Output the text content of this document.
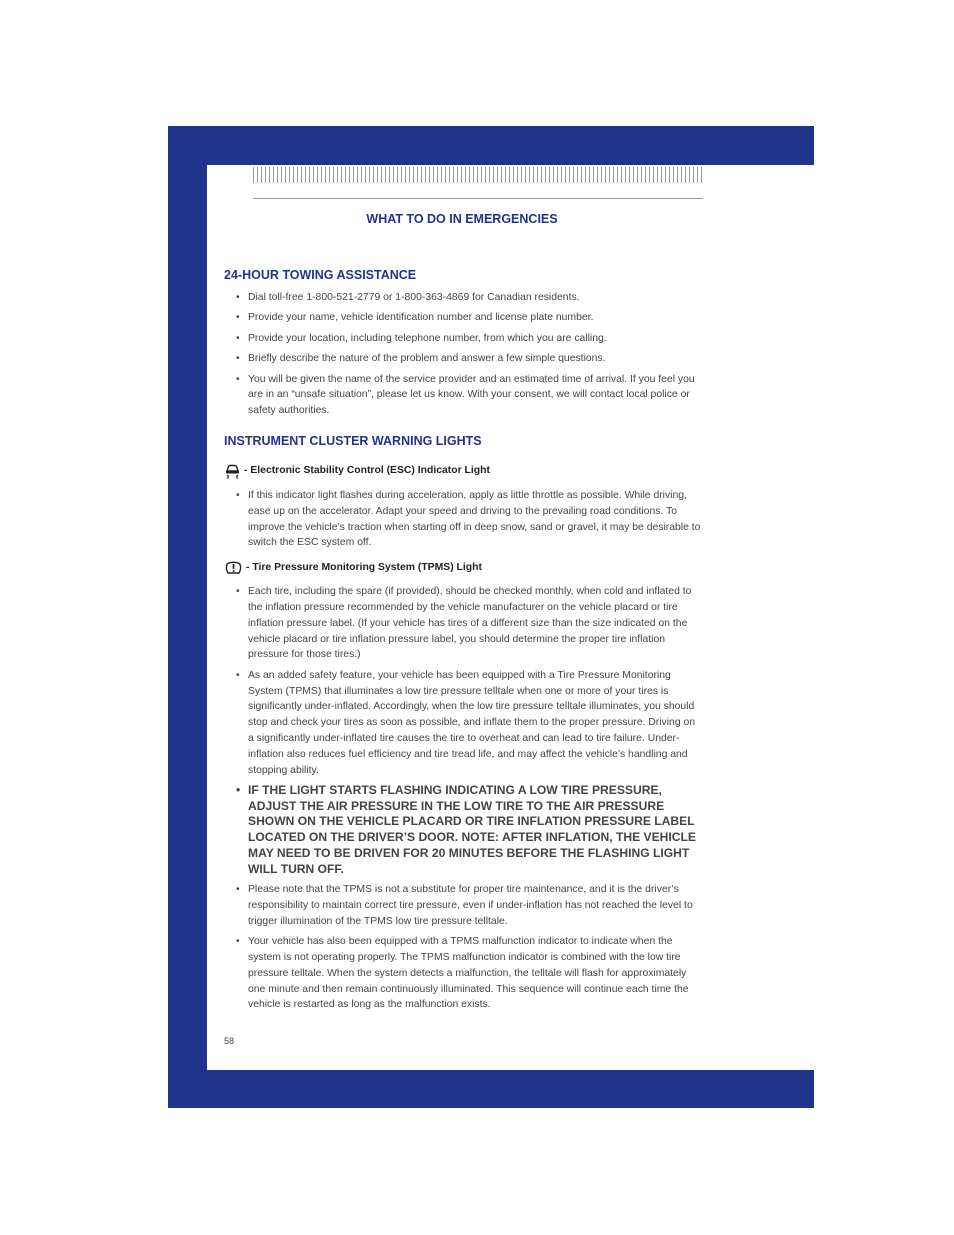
WHAT TO DO IN EMERGENCIES
24-HOUR TOWING ASSISTANCE
• Dial toll-free 1-800-521-2779 or 1-800-363-4869 for Canadian residents.
• Provide your name, vehicle identification number and license plate number.
• Provide your location, including telephone number, from which you are calling.
• Briefly describe the nature of the problem and answer a few simple questions.
• You will be given the name of the service provider and an estimated time of arrival. If you feel you are in an “unsafe situation”, please let us know. With your consent, we will contact local police or safety authorities.
INSTRUMENT CLUSTER WARNING LIGHTS
- Electronic Stability Control (ESC) Indicator Light
• If this indicator light flashes during acceleration, apply as little throttle as possible. While driving, ease up on the accelerator. Adapt your speed and driving to the prevailing road conditions. To improve the vehicle’s traction when starting off in deep snow, sand or gravel, it may be desirable to switch the ESC system off.
- Tire Pressure Monitoring System (TPMS) Light
• Each tire, including the spare (if provided), should be checked monthly, when cold and inflated to the inflation pressure recommended by the vehicle manufacturer on the vehicle placard or tire inflation pressure label. (If your vehicle has tires of a different size than the size indicated on the vehicle placard or tire inflation pressure label, you should determine the proper tire inflation pressure for those tires.)
• As an added safety feature, your vehicle has been equipped with a Tire Pressure Monitoring System (TPMS) that illuminates a low tire pressure telltale when one or more of your tires is significantly under-inflated. Accordingly, when the low tire pressure telltale illuminates, you should stop and check your tires as soon as possible, and inflate them to the proper pressure. Driving on a significantly under-inflated tire causes the tire to overheat and can lead to tire failure. Under-inflation also reduces fuel efficiency and tire tread life, and may affect the vehicle’s handling and stopping ability.
• IF THE LIGHT STARTS FLASHING INDICATING A LOW TIRE PRESSURE, ADJUST THE AIR PRESSURE IN THE LOW TIRE TO THE AIR PRESSURE SHOWN ON THE VEHICLE PLACARD OR TIRE INFLATION PRESSURE LABEL LOCATED ON THE DRIVER’S DOOR. NOTE: AFTER INFLATION, THE VEHICLE MAY NEED TO BE DRIVEN FOR 20 MINUTES BEFORE THE FLASHING LIGHT WILL TURN OFF.
• Please note that the TPMS is not a substitute for proper tire maintenance, and it is the driver’s responsibility to maintain correct tire pressure, even if under-inflation has not reached the level to trigger illumination of the TPMS low tire pressure telltale.
• Your vehicle has also been equipped with a TPMS malfunction indicator to indicate when the system is not operating properly. The TPMS malfunction indicator is combined with the low tire pressure telltale. When the system detects a malfunction, the telltale will flash for approximately one minute and then remain continuously illuminated. This sequence will continue each time the vehicle is restarted as long as the malfunction exists.
58
